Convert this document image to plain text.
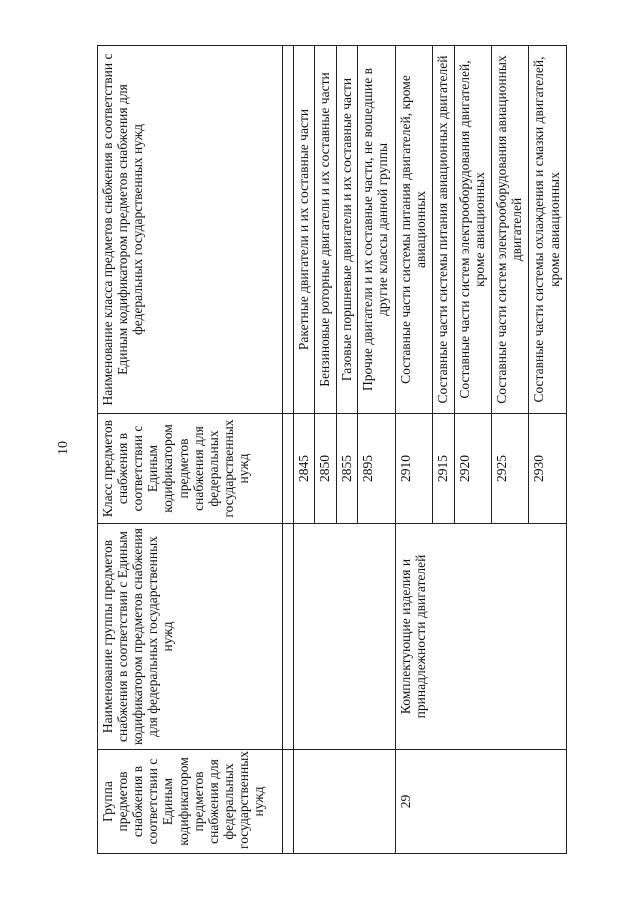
10
Группа предметов снабжения в соответствии с Единым кодификатором предметов снабжения для федеральных государственных нужд	Наименование группы предметов снабжения в соответствии с Единым кодификатором предметов снабжения для федеральных государственных нужд	Класс предметов снабжения в соответствии с Единым кодификатором предметов снабжения для федеральных государственных нужд	Наименование класса предметов снабжения в соответствии с Единым кодификатором предметов снабжения для федеральных государственных нужд

		2845	Ракетные двигатели и их составные части
		2850	Бензиновые роторные двигатели и их составные части
		2855	Газовые поршневые двигатели и их составные части
		2895	Прочие двигатели и их составные части, не вошедшие в другие классы данной группы
29	Комплектующие изделия и принадлежности двигателей	2910	Составные части системы питания двигателей, кроме авиационных
		2915	Составные части системы питания авиационных двигателей
		2920	Составные части систем электрооборудования двигателей, кроме авиационных
		2925	Составные части систем электрооборудования авиационных двигателей
		2930	Составные части системы охлаждения и смазки двигателей, кроме авиационных
